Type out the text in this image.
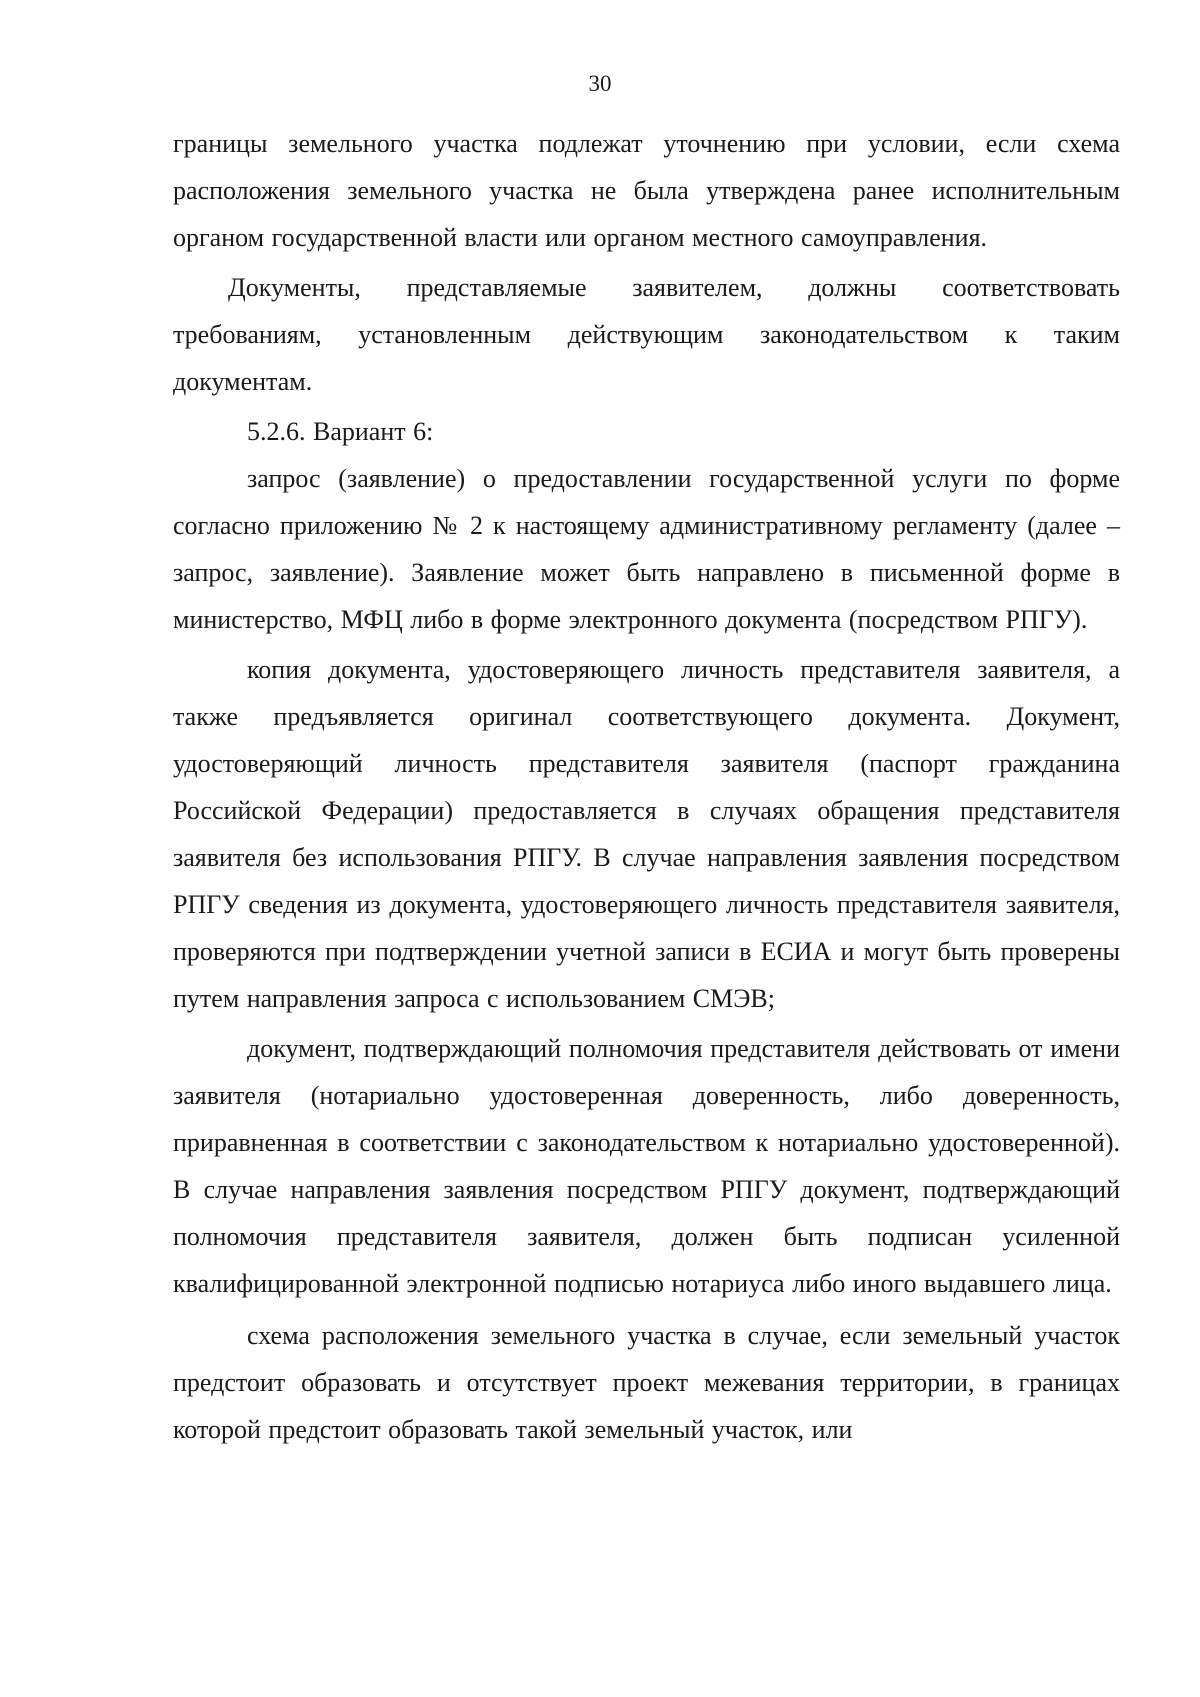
30

границы земельного участка подлежат уточнению при условии, если схема расположения земельного участка не была утверждена ранее исполнительным органом государственной власти или органом местного самоуправления.

Документы, представляемые заявителем, должны соответствовать требованиям, установленным действующим законодательством к таким документам.

5.2.6. Вариант 6:

запрос (заявление) о предоставлении государственной услуги по форме согласно приложению № 2 к настоящему административному регламенту (далее – запрос, заявление). Заявление может быть направлено в письменной форме в министерство, МФЦ либо в форме электронного документа (посредством РПГУ).

копия документа, удостоверяющего личность представителя заявителя, а также предъявляется оригинал соответствующего документа. Документ, удостоверяющий личность представителя заявителя (паспорт гражданина Российской Федерации) предоставляется в случаях обращения представителя заявителя без использования РПГУ. В случае направления заявления посредством РПГУ сведения из документа, удостоверяющего личность представителя заявителя, проверяются при подтверждении учетной записи в ЕСИА и могут быть проверены путем направления запроса с использованием СМЭВ;

документ, подтверждающий полномочия представителя действовать от имени заявителя (нотариально удостоверенная доверенность, либо доверенность, приравненная в соответствии с законодательством к нотариально удостоверенной). В случае направления заявления посредством РПГУ документ, подтверждающий полномочия представителя заявителя, должен быть подписан усиленной квалифицированной электронной подписью нотариуса либо иного выдавшего лица.

схема расположения земельного участка в случае, если земельный участок предстоит образовать и отсутствует проект межевания территории, в границах которой предстоит образовать такой земельный участок, или
